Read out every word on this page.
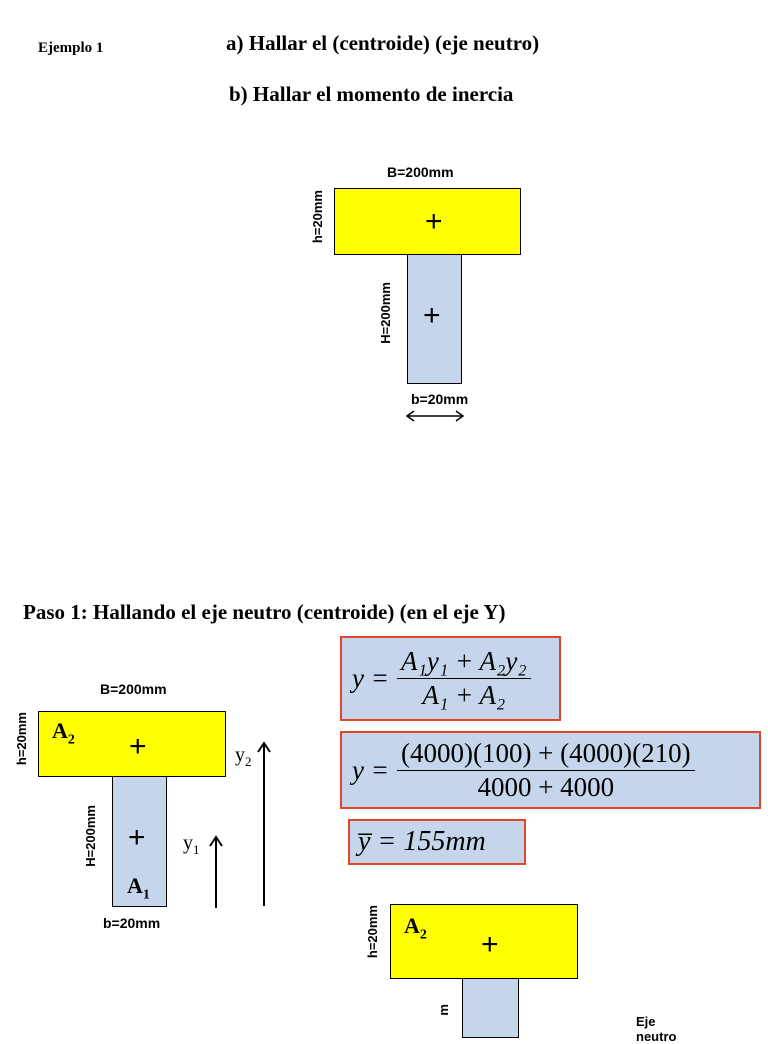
Ejemplo 1	a) Hallar el (centroide) (eje neutro)
b) Hallar el momento de inercia
B=200mm
+
h=20mm
+
H=200mm
b=20mm
Paso 1: Hallando el eje neutro (centroide) (en el eje Y)
B=200mm
$A_2$ +
h=20mm
+
$A_1$
H=200mm
b=20mm
$y_1$
$y_2$
$y = \frac{\text{A₁y₁ + A₂y₂}}{\text{A₁ + A₂}}$
$y = \frac{(4000)(100) + (4000)(210)}{4000 + 4000}$
y̅ = 155mm
$A_2$ +
h=20mm
m
Eje neutro
